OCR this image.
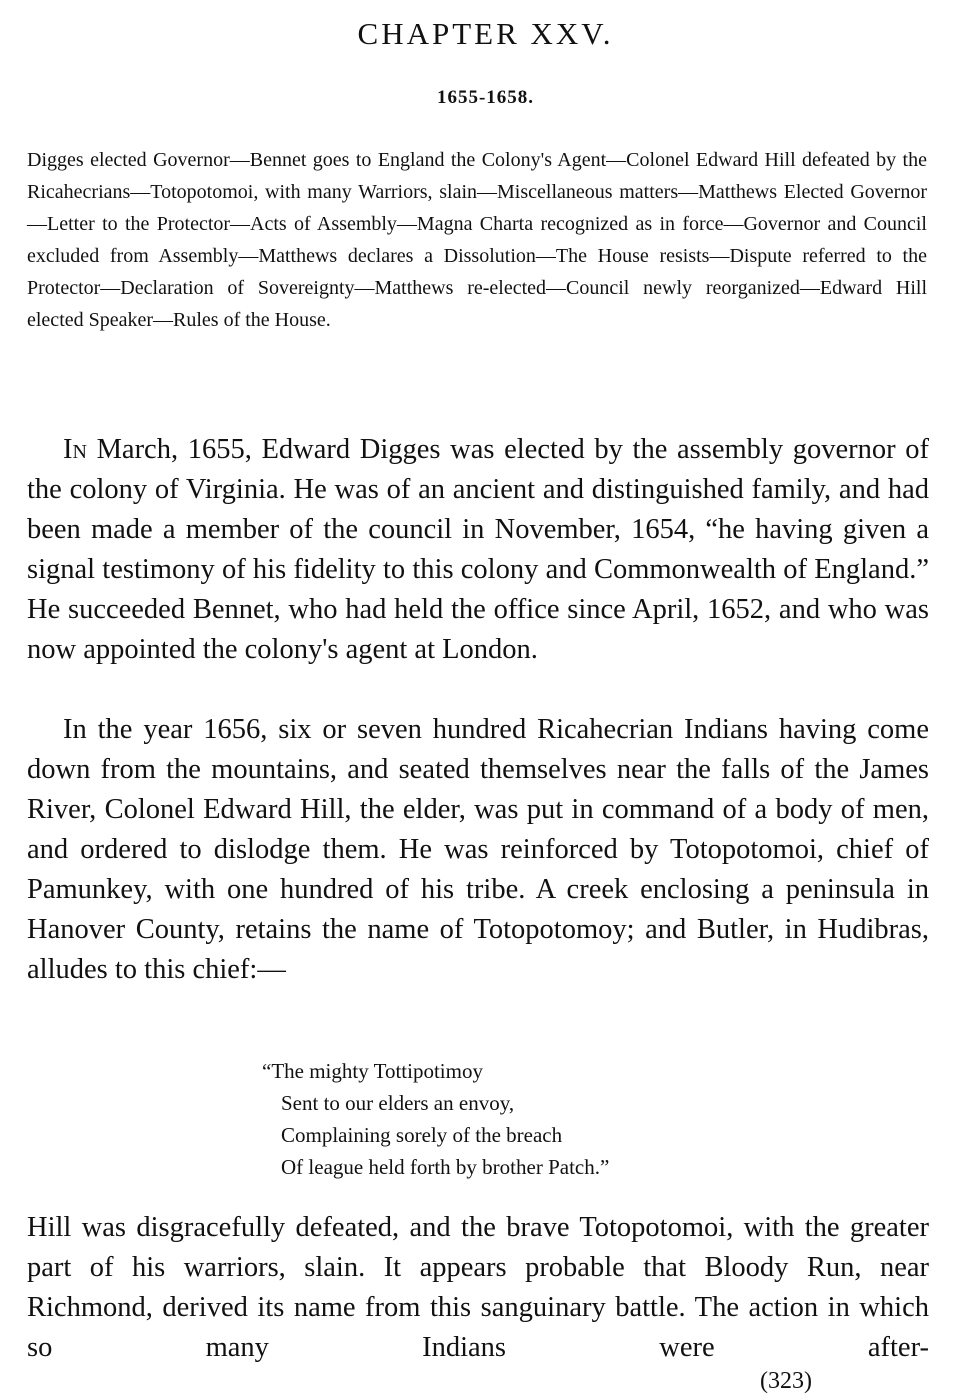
CHAPTER XXV.
1655-1658.

Digges elected Governor—Bennet goes to England the Colony's Agent—Colonel Edward Hill defeated by the Ricahecrians—Totopotomoi, with many Warriors, slain—Miscellaneous matters—Matthews Elected Governor—Letter to the Protector—Acts of Assembly—Magna Charta recognized as in force—Governor and Council excluded from Assembly—Matthews declares a Dissolution—The House resists—Dispute referred to the Protector—Declaration of Sovereignty—Matthews re-elected—Council newly reorganized—Edward Hill elected Speaker—Rules of the House.

In March, 1655, Edward Digges was elected by the assembly governor of the colony of Virginia. He was of an ancient and distinguished family, and had been made a member of the council in November, 1654, “he having given a signal testimony of his fidelity to this colony and Commonwealth of England.” He succeeded Bennet, who had held the office since April, 1652, and who was now appointed the colony's agent at London.

In the year 1656, six or seven hundred Ricahecrian Indians having come down from the mountains, and seated themselves near the falls of the James River, Colonel Edward Hill, the elder, was put in command of a body of men, and ordered to dislodge them. He was reinforced by Totopotomoi, chief of Pamunkey, with one hundred of his tribe. A creek enclosing a peninsula in Hanover County, retains the name of Totopotomoy; and Butler, in Hudibras, alludes to this chief:—

“The mighty Tottipotimoy
Sent to our elders an envoy,
Complaining sorely of the breach
Of league held forth by brother Patch.”

Hill was disgracefully defeated, and the brave Totopotomoi, with the greater part of his warriors, slain. It appears probable that Bloody Run, near Richmond, derived its name from this sanguinary battle. The action in which so many Indians were after-

(323)
